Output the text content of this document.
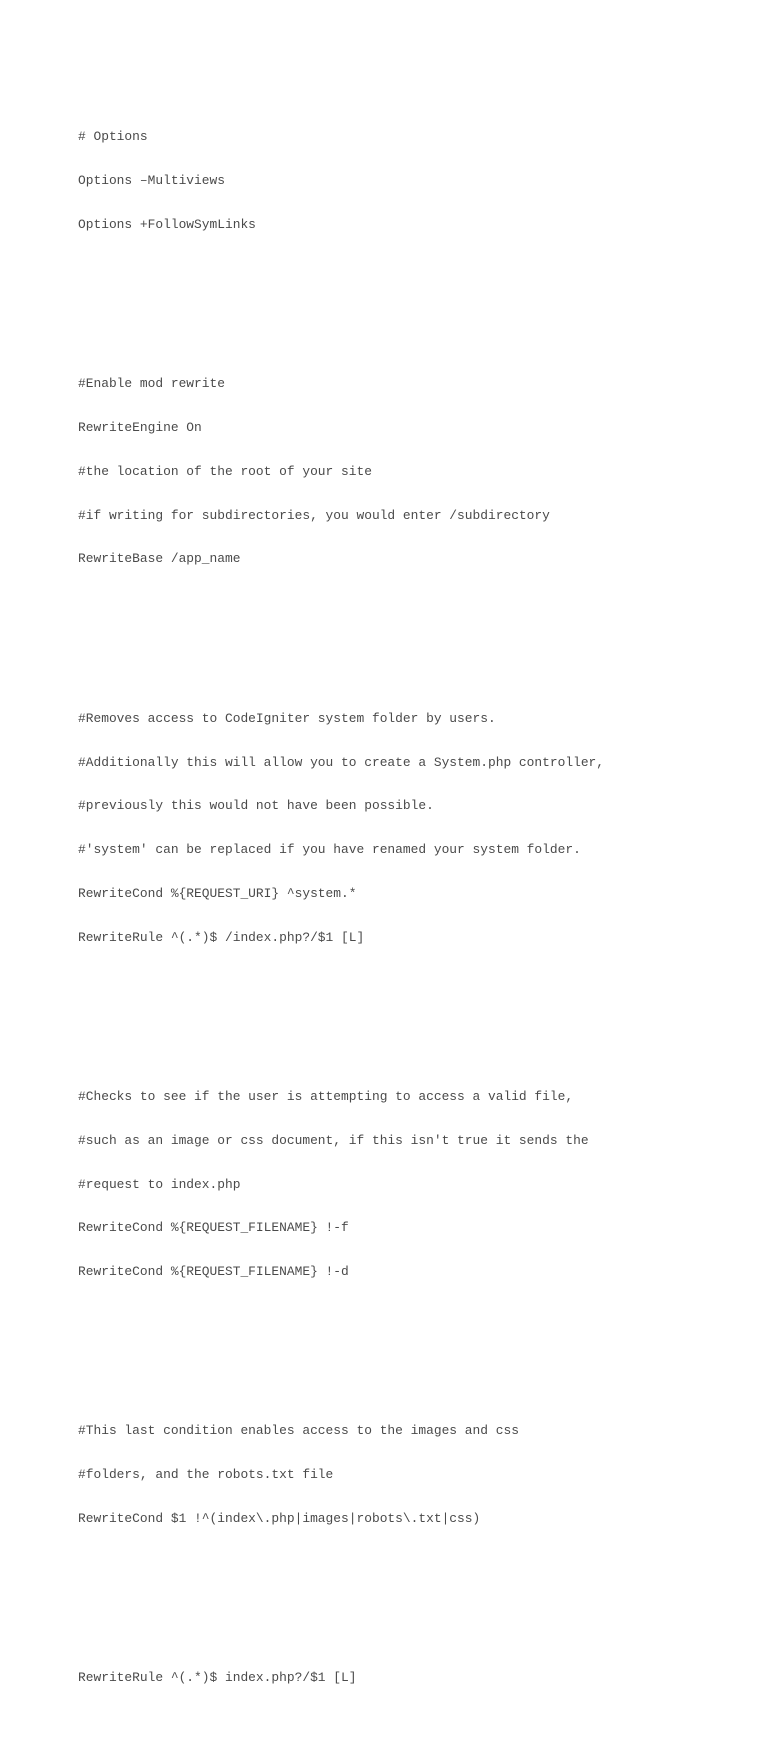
# Options

Options –Multiviews

Options +FollowSymLinks

#Enable mod rewrite

RewriteEngine On

#the location of the root of your site

#if writing for subdirectories, you would enter /subdirectory

RewriteBase /app_name

#Removes access to CodeIgniter system folder by users.

#Additionally this will allow you to create a System.php controller,

#previously this would not have been possible.

#'system' can be replaced if you have renamed your system folder.

RewriteCond %{REQUEST_URI} ^system.*

RewriteRule ^(.*)$ /index.php?/$1 [L]

#Checks to see if the user is attempting to access a valid file,

#such as an image or css document, if this isn't true it sends the

#request to index.php

RewriteCond %{REQUEST_FILENAME} !-f

RewriteCond %{REQUEST_FILENAME} !-d

#This last condition enables access to the images and css

#folders, and the robots.txt file

RewriteCond $1 !^(index\.php|images|robots\.txt|css)

RewriteRule ^(.*)$ index.php?/$1 [L]
